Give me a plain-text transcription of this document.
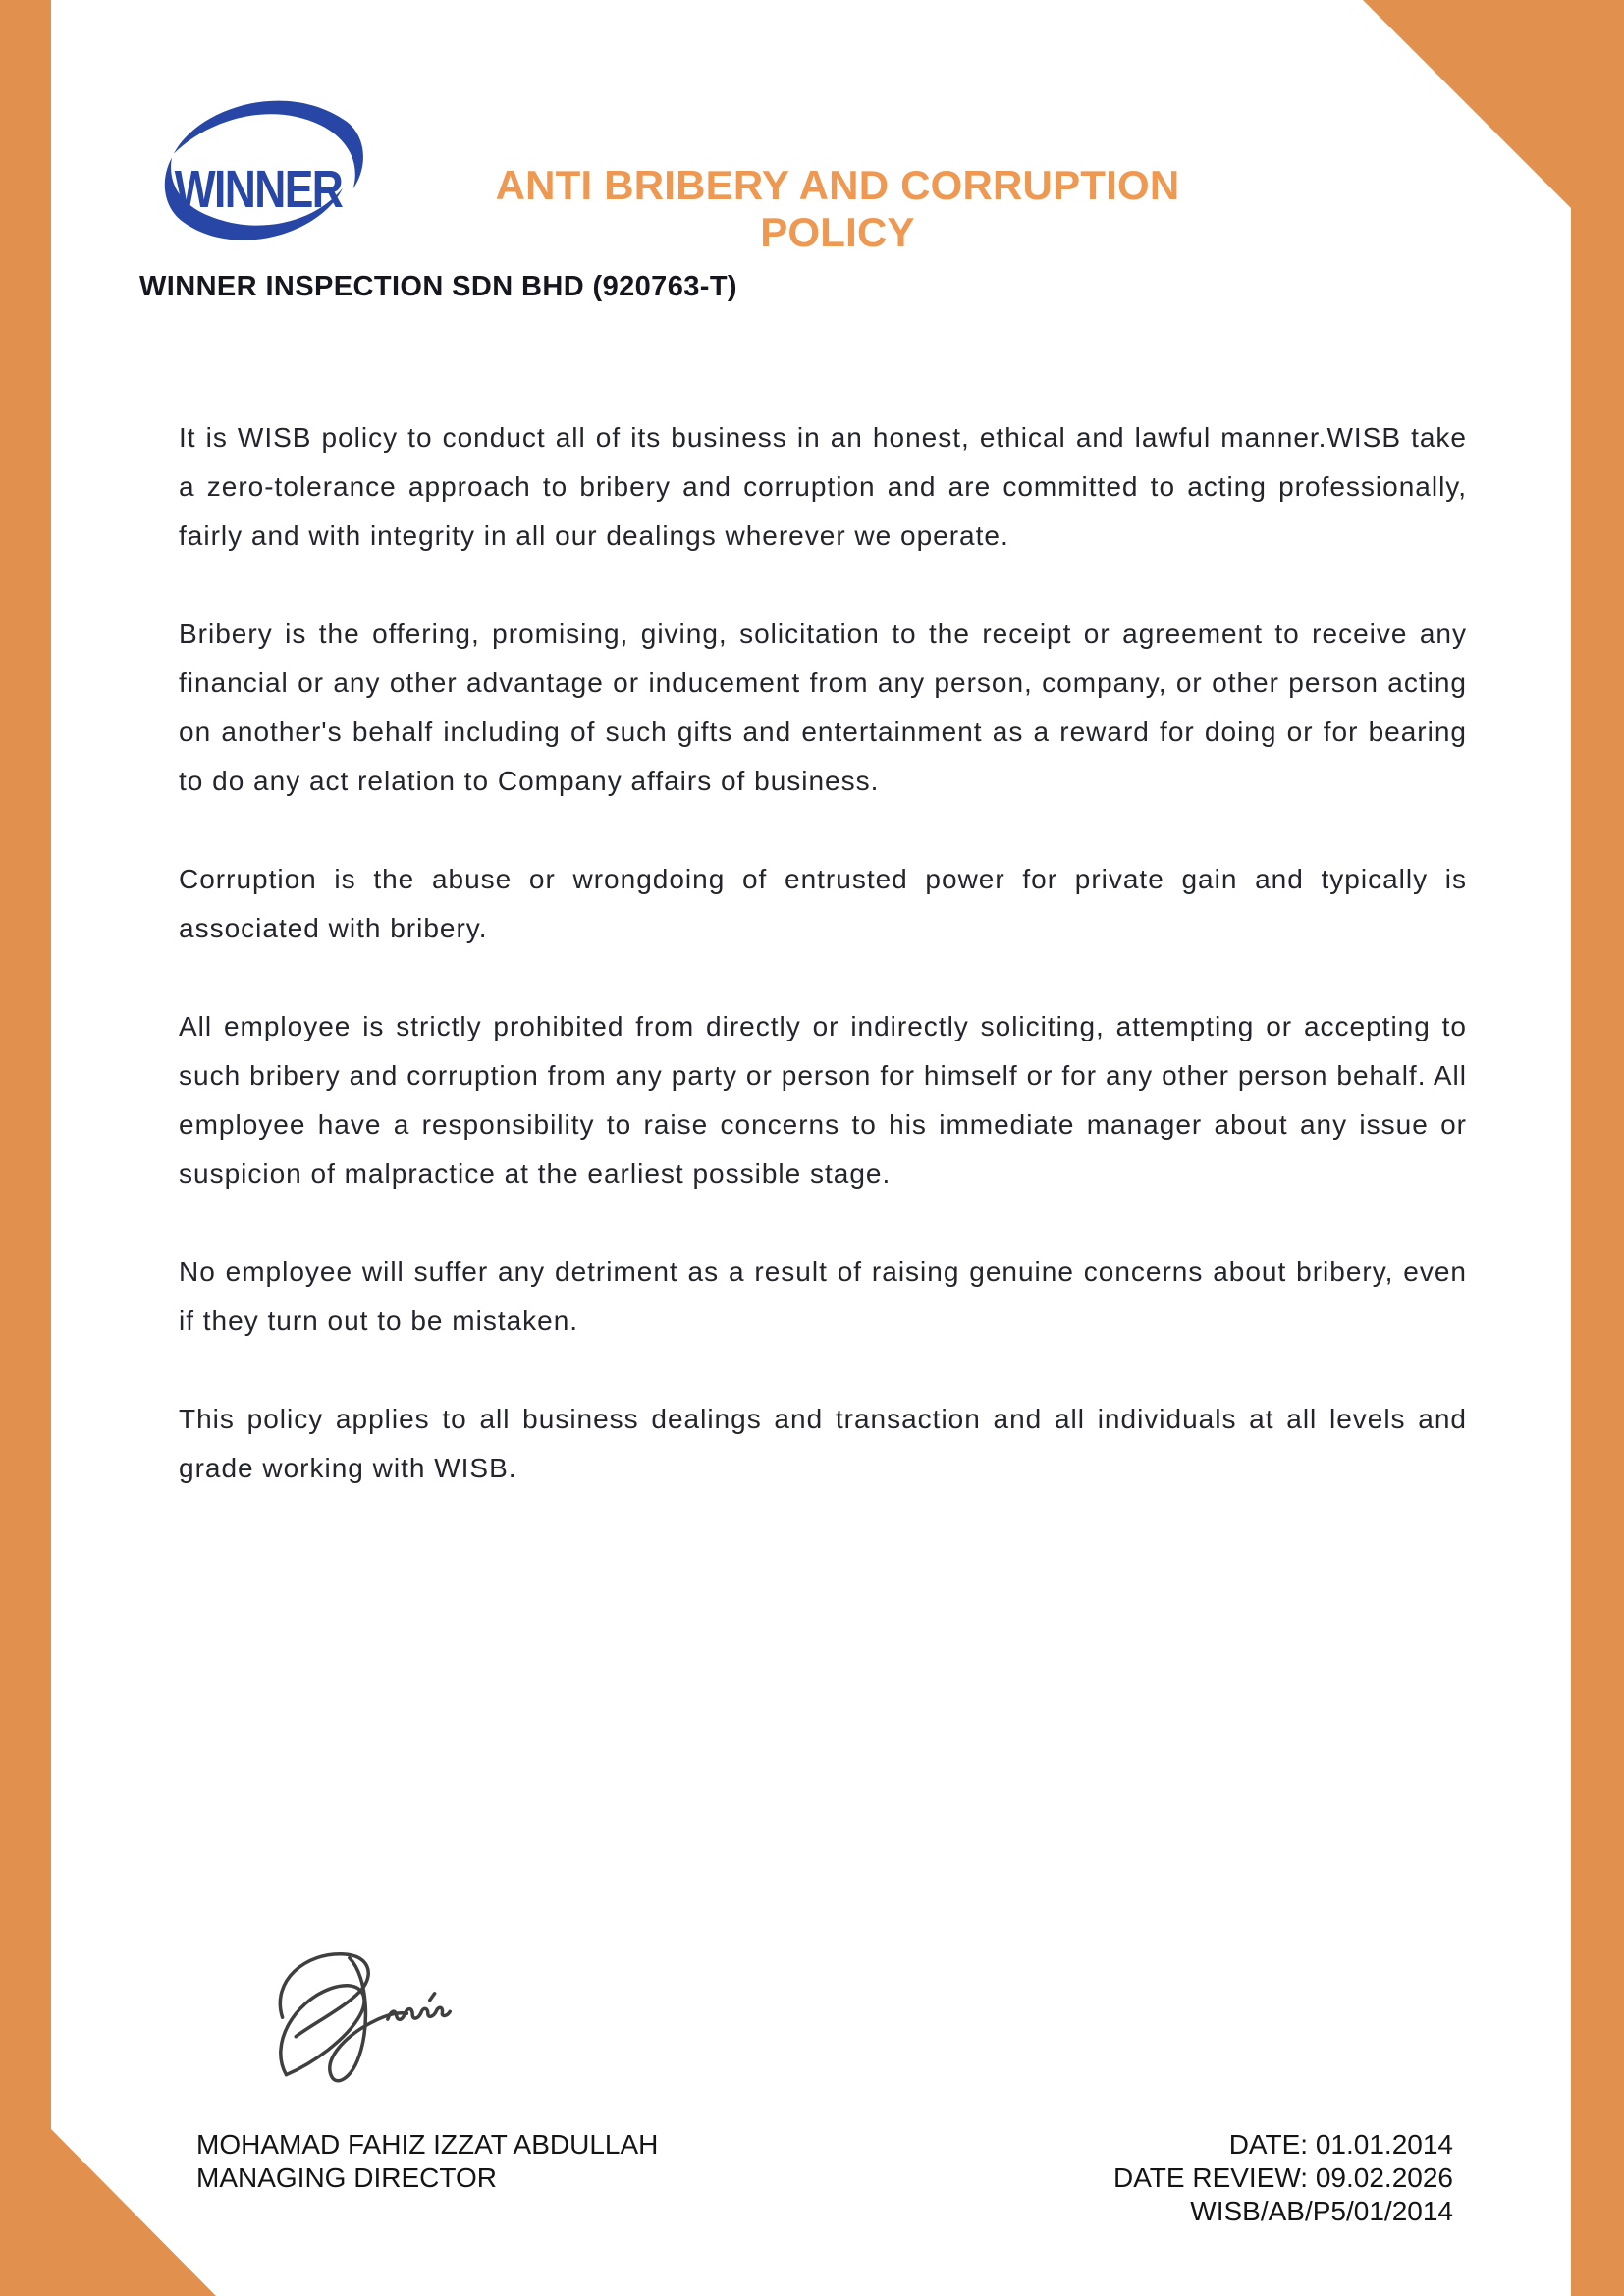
WINNER	ANTI BRIBERY AND CORRUPTION
POLICY
WINNER INSPECTION SDN BHD (920763-T)

It is WISB policy to conduct all of its business in an honest, ethical and lawful manner.WISB take a zero-tolerance approach to bribery and corruption and are committed to acting professionally, fairly and with integrity in all our dealings wherever we operate.

Bribery is the offering, promising, giving, solicitation to the receipt or agreement to receive any financial or any other advantage or inducement from any person, company, or other person acting on another's behalf including of such gifts and entertainment as a reward for doing or for bearing to do any act relation to Company affairs of business.

Corruption is the abuse or wrongdoing of entrusted power for private gain and typically is associated with bribery.

All employee is strictly prohibited from directly or indirectly soliciting, attempting or accepting to such bribery and corruption from any party or person for himself or for any other person behalf. All employee have a responsibility to raise concerns to his immediate manager about any issue or suspicion of malpractice at the earliest possible stage.

No employee will suffer any detriment as a result of raising genuine concerns about bribery, even if they turn out to be mistaken.

This policy applies to all business dealings and transaction and all individuals at all levels and grade working with WISB.

MOHAMAD FAHIZ IZZAT ABDULLAH
MANAGING DIRECTOR
DATE: 01.01.2014
DATE REVIEW: 09.02.2026
WISB/AB/P5/01/2014
